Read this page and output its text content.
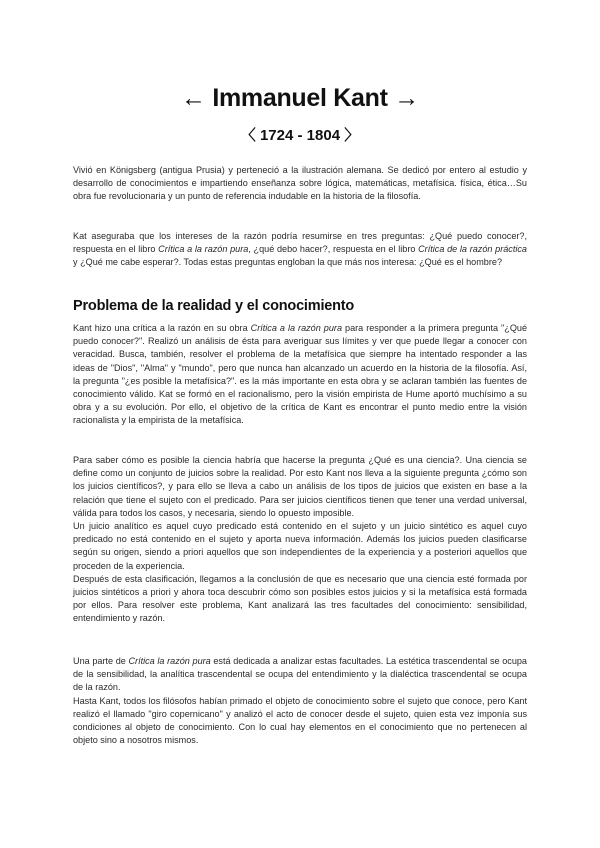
← Immanuel Kant →
〈 1724 - 1804 〉

Vivió en Königsberg (antigua Prusia) y perteneció a la ilustración alemana. Se dedicó por entero al estudio y desarrollo de conocimientos e impartiendo enseñanza sobre lógica, matemáticas, metafísica. física, ética…Su obra fue revolucionaria y un punto de referencia indudable en la historia de la filosofía.

Kat aseguraba que los intereses de la razón podría resumirse en tres preguntas: ¿Qué puedo conocer?, respuesta en el libro Crítica a la razón pura, ¿qué debo hacer?, respuesta en el libro Crítica de la razón práctica y ¿Qué me cabe esperar?. Todas estas preguntas engloban la que más nos interesa: ¿Qué es el hombre?

Problema de la realidad y el conocimiento

Kant hizo una crítica a la razón en su obra Crítica a la razón pura para responder a la primera pregunta "¿Qué puedo conocer?". Realizó un análisis de ésta para averiguar sus límites y ver que puede llegar a conocer con veracidad. Busca, también, resolver el problema de la metafísica que siempre ha intentado responder a las ideas de "Dios", "Alma" y "mundo", pero que nunca han alcanzado un acuerdo en la historia de la filosofía. Así, la pregunta "¿es posible la metafísica?". es la más importante en esta obra y se aclaran también las fuentes de conocimiento válido. Kat se formó en el racionalismo, pero la visión empirista de Hume aportó muchísimo a su obra y a su evolución. Por ello, el objetivo de la crítica de Kant es encontrar el punto medio entre la visión racionalista y la empirista de la metafísica.

Para saber cómo es posible la ciencia habría que hacerse la pregunta ¿Qué es una ciencia?. Una ciencia se define como un conjunto de juicios sobre la realidad. Por esto Kant nos lleva a la siguiente pregunta ¿cómo son los juicios científicos?, y para ello se lleva a cabo un análisis de los tipos de juicios que existen en base a la relación que tiene el sujeto con el predicado. Para ser juicios científicos tienen que tener una verdad universal, válida para todos los casos, y necesaria, siendo lo opuesto imposible.

Un juicio analítico es aquel cuyo predicado está contenido en el sujeto y un juicio sintético es aquel cuyo predicado no está contenido en el sujeto y aporta nueva información. Además los juicios pueden clasificarse según su origen, siendo a priori aquellos que son independientes de la experiencia y a posteriori aquellos que proceden de la experiencia.

Después de esta clasificación, llegamos a la conclusión de que es necesario que una ciencia esté formada por juicios sintéticos a priori y ahora toca descubrir cómo son posibles estos juicios y si la metafísica está formada por ellos. Para resolver este problema, Kant analizará las tres facultades del conocimiento: sensibilidad, entendimiento y razón.

Una parte de Crítica la razón pura está dedicada a analizar estas facultades. La estética trascendental se ocupa de la sensibilidad, la analítica trascendental se ocupa del entendimiento y la dialéctica trascendental se ocupa de la razón.

Hasta Kant, todos los filósofos habían primado el objeto de conocimiento sobre el sujeto que conoce, pero Kant realizó el llamado "giro copernicano" y analizó el acto de conocer desde el sujeto, quien esta vez imponía sus condiciones al objeto de conocimiento. Con lo cual hay elementos en el conocimiento que no pertenecen al objeto sino a nosotros mismos.
